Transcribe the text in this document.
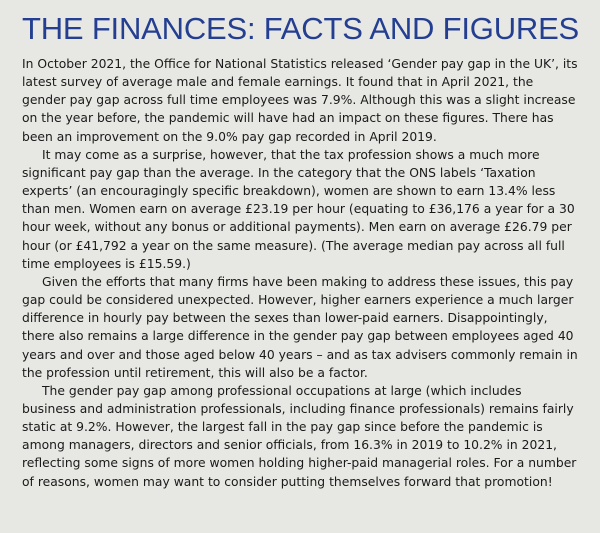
THE FINANCES: FACTS AND FIGURES

In October 2021, the Office for National Statistics released ‘Gender pay gap in the UK’, its latest survey of average male and female earnings. It found that in April 2021, the gender pay gap across full time employees was 7.9%. Although this was a slight increase on the year before, the pandemic will have had an impact on these figures. There has been an improvement on the 9.0% pay gap recorded in April 2019.

It may come as a surprise, however, that the tax profession shows a much more significant pay gap than the average. In the category that the ONS labels ‘Taxation experts’ (an encouragingly specific breakdown), women are shown to earn 13.4% less than men. Women earn on average £23.19 per hour (equating to £36,176 a year for a 30 hour week, without any bonus or additional payments). Men earn on average £26.79 per hour (or £41,792 a year on the same measure). (The average median pay across all full time employees is £15.59.)

Given the efforts that many firms have been making to address these issues, this pay gap could be considered unexpected. However, higher earners experience a much larger difference in hourly pay between the sexes than lower-paid earners. Disappointingly, there also remains a large difference in the gender pay gap between employees aged 40 years and over and those aged below 40 years – and as tax advisers commonly remain in the profession until retirement, this will also be a factor.

The gender pay gap among professional occupations at large (which includes business and administration professionals, including finance professionals) remains fairly static at 9.2%. However, the largest fall in the pay gap since before the pandemic is among managers, directors and senior officials, from 16.3% in 2019 to 10.2% in 2021, reflecting some signs of more women holding higher-paid managerial roles. For a number of reasons, women may want to consider putting themselves forward that promotion!
